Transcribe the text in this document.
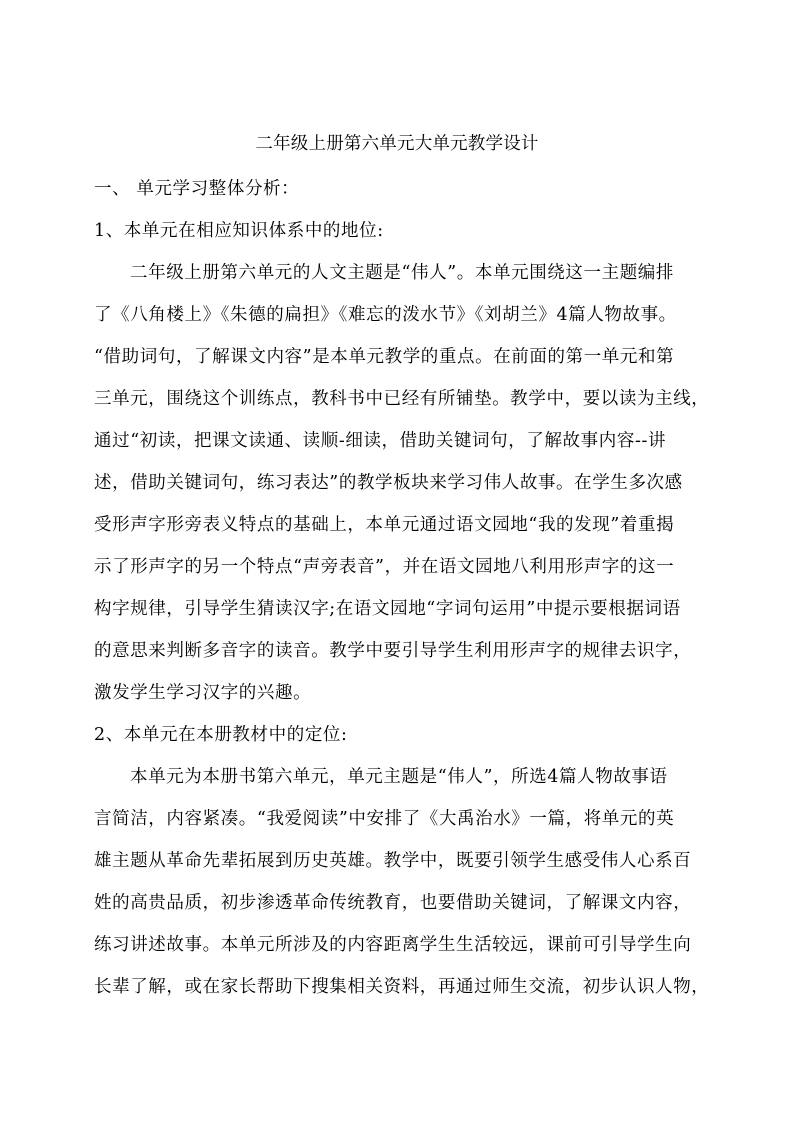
二年级上册第六单元大单元教学设计
一、 单元学习整体分析：
1、本单元在相应知识体系中的地位:
二年级上册第六单元的人文主题是“伟人”。本单元围绕这一主题编排
了《八角楼上》《朱德的扁担》《难忘的泼水节》《刘胡兰》4篇人物故事。
“借助词句，了解课文内容”是本单元教学的重点。在前面的第一单元和第
三单元，围绕这个训练点，教科书中已经有所铺垫。教学中，要以读为主线，
通过“初读，把课文读通、读顺-细读，借助关键词句，了解故事内容--讲
述，借助关键词句，练习表达”的教学板块来学习伟人故事。在学生多次感
受形声字形旁表义特点的基础上，本单元通过语文园地“我的发现”着重揭
示了形声字的另一个特点“声旁表音”，并在语文园地八利用形声字的这一
构字规律，引导学生猜读汉字;在语文园地“字词句运用”中提示要根据词语
的意思来判断多音字的读音。教学中要引导学生利用形声字的规律去识字，
激发学生学习汉字的兴趣。
2、本单元在本册教材中的定位:
本单元为本册书第六单元，单元主题是“伟人”，所选4篇人物故事语
言简洁，内容紧凑。“我爱阅读”中安排了《大禹治水》一篇，将单元的英
雄主题从革命先辈拓展到历史英雄。教学中，既要引领学生感受伟人心系百
姓的高贵品质，初步渗透革命传统教育，也要借助关键词，了解课文内容，
练习讲述故事。本单元所涉及的内容距离学生生活较远，课前可引导学生向
长辈了解，或在家长帮助下搜集相关资料，再通过师生交流，初步认识人物，
